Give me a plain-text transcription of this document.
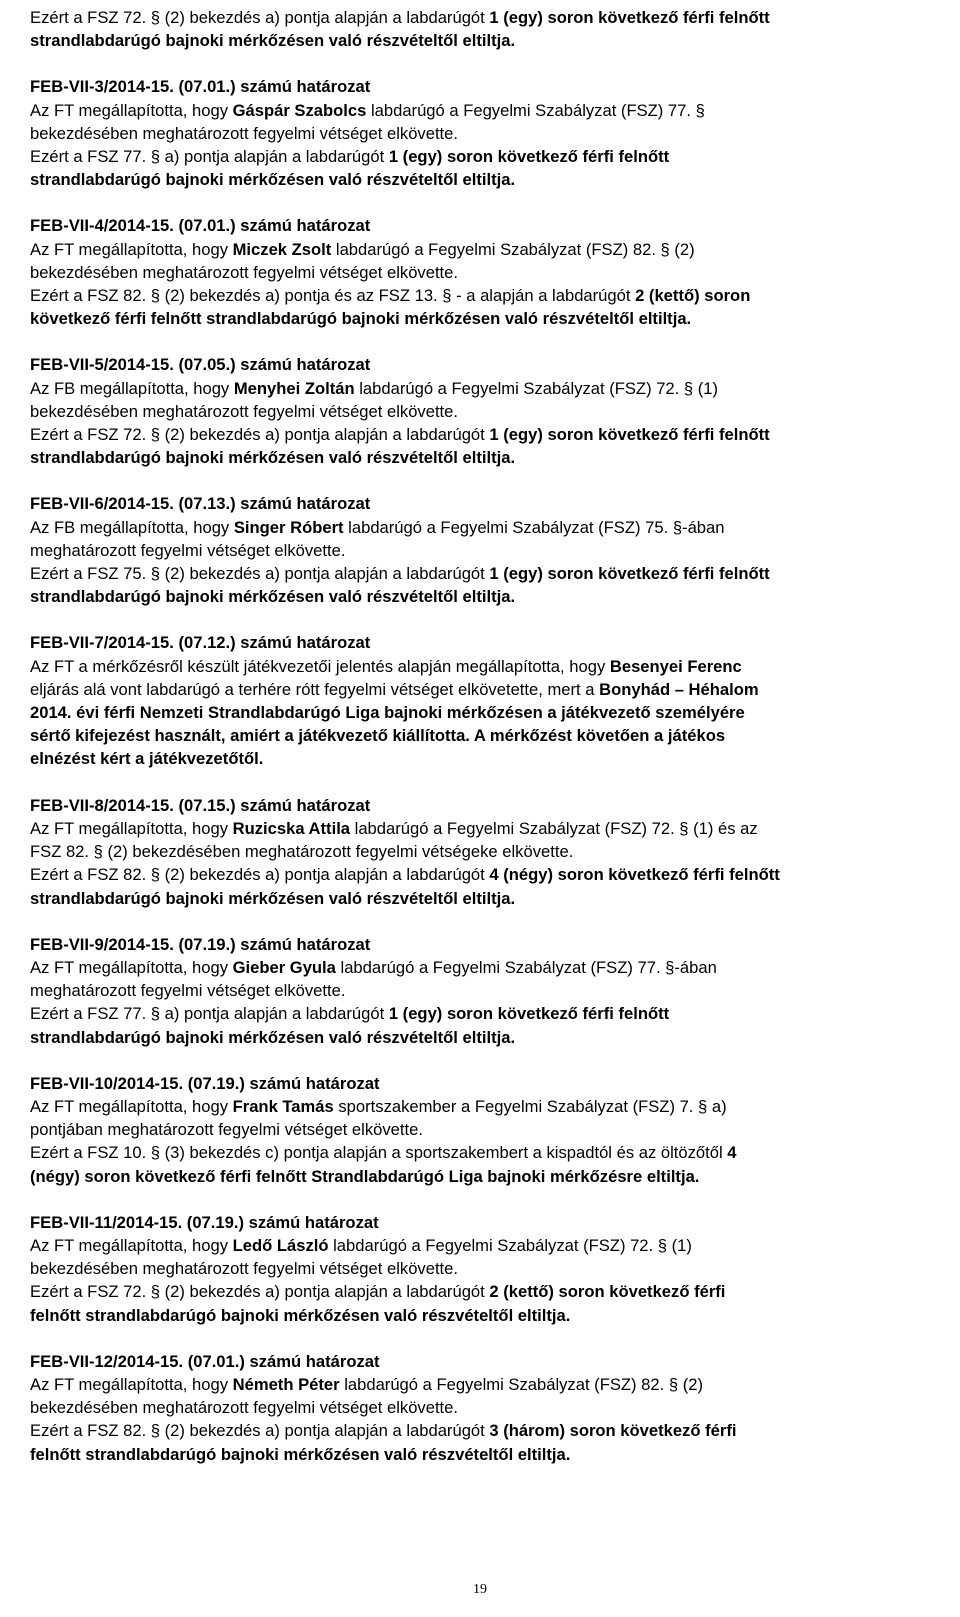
Ezért a FSZ 72. § (2) bekezdés a) pontja alapján a labdarúgót 1 (egy) soron következő férfi felnőtt
strandlabdarúgó bajnoki mérkőzésen való részvételtől eltiltja.
FEB-VII-3/2014-15. (07.01.) számú határozat
Az FT megállapította, hogy Gáspár Szabolcs labdarúgó a Fegyelmi Szabályzat (FSZ) 77. §
bekezdésében meghatározott fegyelmi vétséget elkövette.
Ezért a FSZ 77. § a) pontja alapján a labdarúgót 1 (egy) soron következő férfi felnőtt
strandlabdarúgó bajnoki mérkőzésen való részvételtől eltiltja.
FEB-VII-4/2014-15. (07.01.) számú határozat
Az FT megállapította, hogy Miczek Zsolt labdarúgó a Fegyelmi Szabályzat (FSZ) 82. § (2)
bekezdésében meghatározott fegyelmi vétséget elkövette.
Ezért a FSZ 82. § (2) bekezdés a) pontja és az FSZ 13. § - a alapján a labdarúgót 2 (kettő) soron
következő férfi felnőtt strandlabdarúgó bajnoki mérkőzésen való részvételtől eltiltja.
FEB-VII-5/2014-15. (07.05.) számú határozat
Az FB megállapította, hogy Menyhei Zoltán labdarúgó a Fegyelmi Szabályzat (FSZ) 72. § (1)
bekezdésében meghatározott fegyelmi vétséget elkövette.
Ezért a FSZ 72. § (2) bekezdés a) pontja alapján a labdarúgót 1 (egy) soron következő férfi felnőtt
strandlabdarúgó bajnoki mérkőzésen való részvételtől eltiltja.
FEB-VII-6/2014-15. (07.13.) számú határozat
Az FB megállapította, hogy Singer Róbert labdarúgó a Fegyelmi Szabályzat (FSZ) 75. §-ában
meghatározott fegyelmi vétséget elkövette.
Ezért a FSZ 75. § (2) bekezdés a) pontja alapján a labdarúgót 1 (egy) soron következő férfi felnőtt
strandlabdarúgó bajnoki mérkőzésen való részvételtől eltiltja.
FEB-VII-7/2014-15. (07.12.) számú határozat
Az FT a mérkőzésről készült játékvezetői jelentés alapján megállapította, hogy Besenyei Ferenc
eljárás alá vont labdarúgó a terhére rótt fegyelmi vétséget elkövetette, mert a Bonyhád – Héhalom
2014. évi férfi Nemzeti Strandlabdarúgó Liga bajnoki mérkőzésen a játékvezető személyére
sértő kifejezést használt, amiért a játékvezető kiállította. A mérkőzést követően a játékos
elnézést kért a játékvezetőtől.
FEB-VII-8/2014-15. (07.15.) számú határozat
Az FT megállapította, hogy Ruzicska Attila labdarúgó a Fegyelmi Szabályzat (FSZ) 72. § (1) és az
FSZ 82. § (2) bekezdésében meghatározott fegyelmi vétségeke elkövette.
Ezért a FSZ 82. § (2) bekezdés a) pontja alapján a labdarúgót 4 (négy) soron következő férfi felnőtt
strandlabdarúgó bajnoki mérkőzésen való részvételtől eltiltja.
FEB-VII-9/2014-15. (07.19.) számú határozat
Az FT megállapította, hogy Gieber Gyula labdarúgó a Fegyelmi Szabályzat (FSZ) 77. §-ában
meghatározott fegyelmi vétséget elkövette.
Ezért a FSZ 77. § a) pontja alapján a labdarúgót 1 (egy) soron következő férfi felnőtt
strandlabdarúgó bajnoki mérkőzésen való részvételtől eltiltja.
FEB-VII-10/2014-15. (07.19.) számú határozat
Az FT megállapította, hogy Frank Tamás sportszakember a Fegyelmi Szabályzat (FSZ) 7. § a)
pontjában meghatározott fegyelmi vétséget elkövette.
Ezért a FSZ 10. § (3) bekezdés c) pontja alapján a sportszakembert a kispadtól és az öltözőtől 4
(négy) soron következő férfi felnőtt Strandlabdarúgó Liga bajnoki mérkőzésre eltiltja.
FEB-VII-11/2014-15. (07.19.) számú határozat
Az FT megállapította, hogy Ledő László labdarúgó a Fegyelmi Szabályzat (FSZ) 72. § (1)
bekezdésében meghatározott fegyelmi vétséget elkövette.
Ezért a FSZ 72. § (2) bekezdés a) pontja alapján a labdarúgót 2 (kettő) soron következő férfi
felnőtt strandlabdarúgó bajnoki mérkőzésen való részvételtől eltiltja.
FEB-VII-12/2014-15. (07.01.) számú határozat
Az FT megállapította, hogy Németh Péter labdarúgó a Fegyelmi Szabályzat (FSZ) 82. § (2)
bekezdésében meghatározott fegyelmi vétséget elkövette.
Ezért a FSZ 82. § (2) bekezdés a) pontja alapján a labdarúgót 3 (három) soron következő férfi
felnőtt strandlabdarúgó bajnoki mérkőzésen való részvételtől eltiltja.
19
